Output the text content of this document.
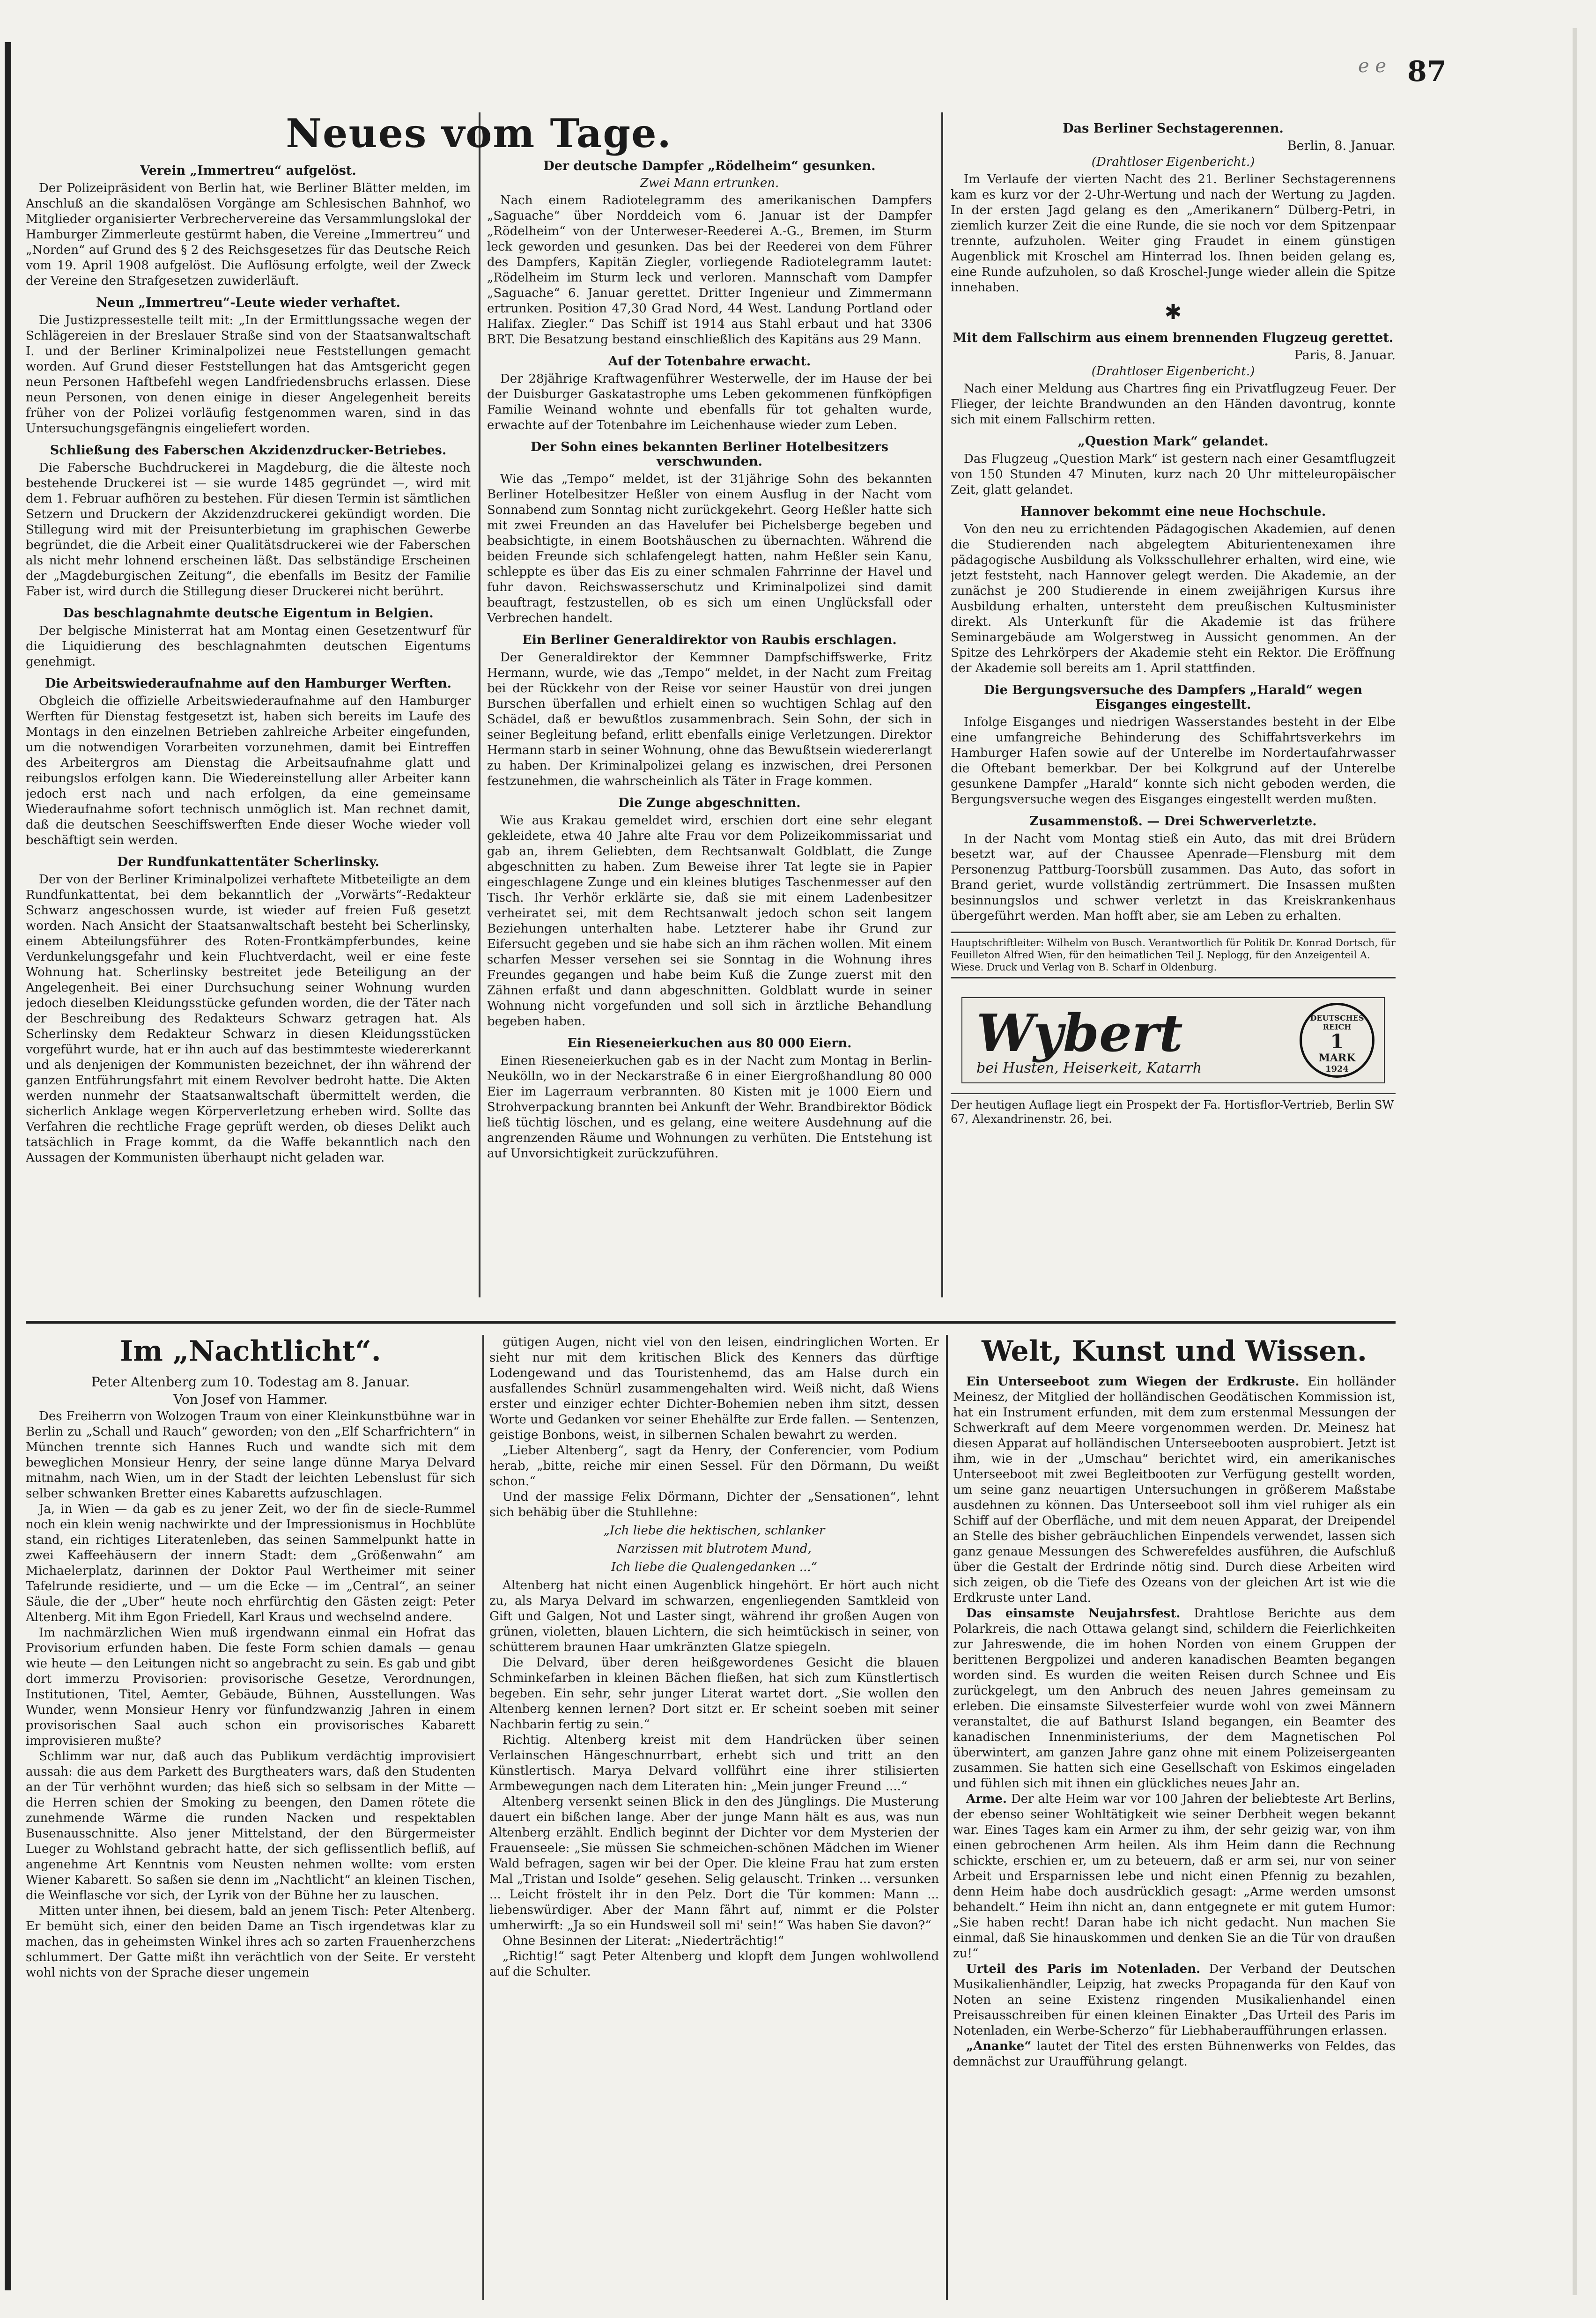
ℯ ℯ 87
Verein „Immertreu“ aufgelöst.

Der Polizeipräsident von Berlin hat, wie Berliner Blätter melden, im Anschluß an die skandalösen Vorgänge am Schlesischen Bahnhof, wo Mitglieder organisierter Verbrechervereine das Versammlungslokal der Hamburger Zimmerleute gestürmt haben, die Vereine „Immertreu“ und „Norden“ auf Grund des § 2 des Reichsgesetzes für das Deutsche Reich vom 19. April 1908 aufgelöst. Die Auflösung erfolgte, weil der Zweck der Vereine den Strafgesetzen zuwiderläuft.

Neun „Immertreu“-Leute wieder verhaftet.

Die Justizpressestelle teilt mit: „In der Ermittlungssache wegen der Schlägereien in der Breslauer Straße sind von der Staatsanwaltschaft I. und der Berliner Kriminalpolizei neue Feststellungen gemacht worden. Auf Grund dieser Feststellungen hat das Amtsgericht gegen neun Personen Haftbefehl wegen Landfriedensbruchs erlassen. Diese neun Personen, von denen einige in dieser Angelegenheit bereits früher von der Polizei vorläufig festgenommen waren, sind in das Untersuchungsgefängnis eingeliefert worden.

Schließung des Faberschen Akzidenzdrucker-Betriebes.

Die Fabersche Buchdruckerei in Magdeburg, die die älteste noch bestehende Druckerei ist — sie wurde 1485 gegründet —, wird mit dem 1. Februar aufhören zu bestehen. Für diesen Termin ist sämtlichen Setzern und Druckern der Akzidenzdruckerei gekündigt worden. Die Stillegung wird mit der Preisunterbietung im graphischen Gewerbe begründet, die die Arbeit einer Qualitätsdruckerei wie der Faberschen als nicht mehr lohnend erscheinen läßt. Das selbständige Erscheinen der „Magdeburgischen Zeitung“, die ebenfalls im Besitz der Familie Faber ist, wird durch die Stillegung dieser Druckerei nicht berührt.

Das beschlagnahmte deutsche Eigentum in Belgien.

Der belgische Ministerrat hat am Montag einen Gesetzentwurf für die Liquidierung des beschlagnahmten deutschen Eigentums genehmigt.

Die Arbeitswiederaufnahme auf den Hamburger Werften.

Obgleich die offizielle Arbeitswiederaufnahme auf den Hamburger Werften für Dienstag festgesetzt ist, haben sich bereits im Laufe des Montags in den einzelnen Betrieben zahlreiche Arbeiter eingefunden, um die notwendigen Vorarbeiten vorzunehmen, damit bei Eintreffen des Arbeitergros am Dienstag die Arbeitsaufnahme glatt und reibungslos erfolgen kann. Die Wiedereinstellung aller Arbeiter kann jedoch erst nach und nach erfolgen, da eine gemeinsame Wiederaufnahme sofort technisch unmöglich ist. Man rechnet damit, daß die deutschen Seeschiffswerften Ende dieser Woche wieder voll beschäftigt sein werden.

Der Rundfunkattentäter Scherlinsky.

Der von der Berliner Kriminalpolizei verhaftete Mitbeteiligte an dem Rundfunkattentat, bei dem bekanntlich der „Vorwärts“-Redakteur Schwarz angeschossen wurde, ist wieder auf freien Fuß gesetzt worden. Nach Ansicht der Staatsanwaltschaft besteht bei Scherlinsky, einem Abteilungsführer des Roten-Frontkämpferbundes, keine Verdunkelungsgefahr und kein Fluchtverdacht, weil er eine feste Wohnung hat. Scherlinsky bestreitet jede Beteiligung an der Angelegenheit. Bei einer Durchsuchung seiner Wohnung wurden jedoch dieselben Kleidungsstücke gefunden worden, die der Täter nach der Beschreibung des Redakteurs Schwarz getragen hat. Als Scherlinsky dem Redakteur Schwarz in diesen Kleidungsstücken vorgeführt wurde, hat er ihn auch auf das bestimmteste wiedererkannt und als denjenigen der Kommunisten bezeichnet, der ihn während der ganzen Entführungsfahrt mit einem Revolver bedroht hatte. Die Akten werden nunmehr der Staatsanwaltschaft übermittelt werden, die sicherlich Anklage wegen Körperverletzung erheben wird. Sollte das Verfahren die rechtliche Frage geprüft werden, ob dieses Delikt auch tatsächlich in Frage kommt, da die Waffe bekanntlich nach den Aussagen der Kommunisten überhaupt nicht geladen war.

Der deutsche Dampfer „Rödelheim“ gesunken.
Zwei Mann ertrunken.

Nach einem Radiotelegramm des amerikanischen Dampfers „Saguache“ über Norddeich vom 6. Januar ist der Dampfer „Rödelheim“ von der Unterweser-Reederei A.-G., Bremen, im Sturm leck geworden und gesunken. Das bei der Reederei von dem Führer des Dampfers, Kapitän Ziegler, vorliegende Radiotelegramm lautet: „Rödelheim im Sturm leck und verloren. Mannschaft vom Dampfer „Saguache“ 6. Januar gerettet. Dritter Ingenieur und Zimmermann ertrunken. Position 47,30 Grad Nord, 44 West. Landung Portland oder Halifax. Ziegler.“ Das Schiff ist 1914 aus Stahl erbaut und hat 3306 BRT. Die Besatzung bestand einschließlich des Kapitäns aus 29 Mann.

Auf der Totenbahre erwacht.

Der 28jährige Kraftwagenführer Westerwelle, der im Hause der bei der Duisburger Gaskatastrophe ums Leben gekommenen fünfköpfigen Familie Weinand wohnte und ebenfalls für tot gehalten wurde, erwachte auf der Totenbahre im Leichenhause wieder zum Leben.

Der Sohn eines bekannten Berliner Hotelbesitzers verschwunden.

Wie das „Tempo“ meldet, ist der 31jährige Sohn des bekannten Berliner Hotelbesitzer Heßler von einem Ausflug in der Nacht vom Sonnabend zum Sonntag nicht zurückgekehrt. Georg Heßler hatte sich mit zwei Freunden an das Havelufer bei Pichelsberge begeben und beabsichtigte, in einem Bootshäuschen zu übernachten. Während die beiden Freunde sich schlafengelegt hatten, nahm Heßler sein Kanu, schleppte es über das Eis zu einer schmalen Fahrrinne der Havel und fuhr davon. Reichswasserschutz und Kriminalpolizei sind damit beauftragt, festzustellen, ob es sich um einen Unglücksfall oder Verbrechen handelt.

Ein Berliner Generaldirektor von Raubis erschlagen.

Der Generaldirektor der Kemmner Dampfschiffswerke, Fritz Hermann, wurde, wie das „Tempo“ meldet, in der Nacht zum Freitag bei der Rückkehr von der Reise vor seiner Haustür von drei jungen Burschen überfallen und erhielt einen so wuchtigen Schlag auf den Schädel, daß er bewußtlos zusammenbrach. Sein Sohn, der sich in seiner Begleitung befand, erlitt ebenfalls einige Verletzungen. Direktor Hermann starb in seiner Wohnung, ohne das Bewußtsein wiedererlangt zu haben. Der Kriminalpolizei gelang es inzwischen, drei Personen festzunehmen, die wahrscheinlich als Täter in Frage kommen.

Die Zunge abgeschnitten.

Wie aus Krakau gemeldet wird, erschien dort eine sehr elegant gekleidete, etwa 40 Jahre alte Frau vor dem Polizeikommissariat und gab an, ihrem Geliebten, dem Rechtsanwalt Goldblatt, die Zunge abgeschnitten zu haben. Zum Beweise ihrer Tat legte sie in Papier eingeschlagene Zunge und ein kleines blutiges Taschenmesser auf den Tisch. Ihr Verhör erklärte sie, daß sie mit einem Ladenbesitzer verheiratet sei, mit dem Rechtsanwalt jedoch schon seit langem Beziehungen unterhalten habe. Letzterer habe ihr Grund zur Eifersucht gegeben und sie habe sich an ihm rächen wollen. Mit einem scharfen Messer versehen sei sie Sonntag in die Wohnung ihres Freundes gegangen und habe beim Kuß die Zunge zuerst mit den Zähnen erfaßt und dann abgeschnitten. Goldblatt wurde in seiner Wohnung nicht vorgefunden und soll sich in ärztliche Behandlung begeben haben.

Ein Rieseneierkuchen aus 80 000 Eiern.

Einen Rieseneierkuchen gab es in der Nacht zum Montag in Berlin-Neukölln, wo in der Neckarstraße 6 in einer Eiergroßhandlung 80 000 Eier im Lagerraum verbrannten. 80 Kisten mit je 1000 Eiern und Strohverpackung brannten bei Ankunft der Wehr. Brandbirektor Bödick ließ tüchtig löschen, und es gelang, eine weitere Ausdehnung auf die angrenzenden Räume und Wohnungen zu verhüten. Die Entstehung ist auf Unvorsichtigkeit zurückzuführen.

Das Berliner Sechstagerennen.
Berlin, 8. Januar.
(Drahtloser Eigenbericht.)

Im Verlaufe der vierten Nacht des 21. Berliner Sechstagerennens kam es kurz vor der 2-Uhr-Wertung und nach der Wertung zu Jagden. In der ersten Jagd gelang es den „Amerikanern“ Dülberg-Petri, in ziemlich kurzer Zeit die eine Runde, die sie noch vor dem Spitzenpaar trennte, aufzuholen. Weiter ging Fraudet in einem günstigen Augenblick mit Kroschel am Hinterrad los. Ihnen beiden gelang es, eine Runde aufzuholen, so daß Kroschel-Junge wieder allein die Spitze innehaben.

✱
Mit dem Fallschirm aus einem brennenden Flugzeug gerettet.
Paris, 8. Januar.
(Drahtloser Eigenbericht.)

Nach einer Meldung aus Chartres fing ein Privatflugzeug Feuer. Der Flieger, der leichte Brandwunden an den Händen davontrug, konnte sich mit einem Fallschirm retten.

„Question Mark“ gelandet.

Das Flugzeug „Question Mark“ ist gestern nach einer Gesamtflugzeit von 150 Stunden 47 Minuten, kurz nach 20 Uhr mitteleuropäischer Zeit, glatt gelandet.

Hannover bekommt eine neue Hochschule.

Von den neu zu errichtenden Pädagogischen Akademien, auf denen die Studierenden nach abgelegtem Abiturientenexamen ihre pädagogische Ausbildung als Volksschullehrer erhalten, wird eine, wie jetzt feststeht, nach Hannover gelegt werden. Die Akademie, an der zunächst je 200 Studierende in einem zweijährigen Kursus ihre Ausbildung erhalten, untersteht dem preußischen Kultusminister direkt. Als Unterkunft für die Akademie ist das frühere Seminargebäude am Wolgerstweg in Aussicht genommen. An der Spitze des Lehrkörpers der Akademie steht ein Rektor. Die Eröffnung der Akademie soll bereits am 1. April stattfinden.

Die Bergungsversuche des Dampfers „Harald“ wegen Eisganges eingestellt.

Infolge Eisganges und niedrigen Wasserstandes besteht in der Elbe eine umfangreiche Behinderung des Schiffahrtsverkehrs im Hamburger Hafen sowie auf der Unterelbe im Nordertaufahrwasser die Oftebant bemerkbar. Der bei Kolkgrund auf der Unterelbe gesunkene Dampfer „Harald“ konnte sich nicht geboden werden, die Bergungsversuche wegen des Eisganges eingestellt werden mußten.

Zusammenstoß. — Drei Schwerverletzte.

In der Nacht vom Montag stieß ein Auto, das mit drei Brüdern besetzt war, auf der Chaussee Apenrade—Flensburg mit dem Personenzug Pattburg-Toorsbüll zusammen. Das Auto, das sofort in Brand geriet, wurde vollständig zertrümmert. Die Insassen mußten besinnungslos und schwer verletzt in das Kreiskrankenhaus übergeführt werden. Man hofft aber, sie am Leben zu erhalten.

Hauptschriftleiter: Wilhelm von Busch. Verantwortlich für Politik Dr. Konrad Dortsch, für Feuilleton Alfred Wien, für den heimatlichen Teil J. Neplogg, für den Anzeigenteil A. Wiese. Druck und Verlag von B. Scharf in Oldenburg.
Wybert
bei Husten, Heiserkeit, Katarrh
DEUTSCHES REICH
1
MARK
1924
Der heutigen Auflage liegt ein Prospekt der Fa. Hortisflor-Vertrieb, Berlin SW 67, Alexandrinenstr. 26, bei.
Neues vom Tage.
Im „Nachtlicht“.
Peter Altenberg zum 10. Todestag am 8. Januar.
Von Josef von Hammer.

Des Freiherrn von Wolzogen Traum von einer Kleinkunstbühne war in Berlin zu „Schall und Rauch“ geworden; von den „Elf Scharfrichtern“ in München trennte sich Hannes Ruch und wandte sich mit dem beweglichen Monsieur Henry, der seine lange dünne Marya Delvard mitnahm, nach Wien, um in der Stadt der leichten Lebenslust für sich selber schwanken Bretter eines Kabaretts aufzuschlagen.

Ja, in Wien — da gab es zu jener Zeit, wo der fin de siecle-Rummel noch ein klein wenig nachwirkte und der Impressionismus in Hochblüte stand, ein richtiges Literatenleben, das seinen Sammelpunkt hatte in zwei Kaffeehäusern der innern Stadt: dem „Größenwahn“ am Michaelerplatz, darinnen der Doktor Paul Wertheimer mit seiner Tafelrunde residierte, und — um die Ecke — im „Central“, an seiner Säule, die der „Uber“ heute noch ehrfürchtig den Gästen zeigt: Peter Altenberg. Mit ihm Egon Friedell, Karl Kraus und wechselnd andere.

Im nachmärzlichen Wien muß irgendwann einmal ein Hofrat das Provisorium erfunden haben. Die feste Form schien damals — genau wie heute — den Leitungen nicht so angebracht zu sein. Es gab und gibt dort immerzu Provisorien: provisorische Gesetze, Verordnungen, Institutionen, Titel, Aemter, Gebäude, Bühnen, Ausstellungen. Was Wunder, wenn Monsieur Henry vor fünfundzwanzig Jahren in einem provisorischen Saal auch schon ein provisorisches Kabarett improvisieren mußte?

Schlimm war nur, daß auch das Publikum verdächtig improvisiert aussah: die aus dem Parkett des Burgtheaters wars, daß den Studenten an der Tür verhöhnt wurden; das hieß sich so selbsam in der Mitte — die Herren schien der Smoking zu beengen, den Damen rötete die zunehmende Wärme die runden Nacken und respektablen Busenausschnitte. Also jener Mittelstand, der den Bürgermeister Lueger zu Wohlstand gebracht hatte, der sich geflissentlich befliß, auf angenehme Art Kenntnis vom Neusten nehmen wollte: vom ersten Wiener Kabarett. So saßen sie denn im „Nachtlicht“ an kleinen Tischen, die Weinflasche vor sich, der Lyrik von der Bühne her zu lauschen.

Mitten unter ihnen, bei diesem, bald an jenem Tisch: Peter Altenberg. Er bemüht sich, einer den beiden Dame an Tisch irgendetwas klar zu machen, das in geheimsten Winkel ihres ach so zarten Frauenherzchens schlummert. Der Gatte mißt ihn verächtlich von der Seite. Er versteht wohl nichts von der Sprache dieser ungemein

gütigen Augen, nicht viel von den leisen, eindringlichen Worten. Er sieht nur mit dem kritischen Blick des Kenners das dürftige Lodengewand und das Touristenhemd, das am Halse durch ein ausfallendes Schnürl zusammengehalten wird. Weiß nicht, daß Wiens erster und einziger echter Dichter-Bohemien neben ihm sitzt, dessen Worte und Gedanken vor seiner Ehehälfte zur Erde fallen. — Sentenzen, geistige Bonbons, weist, in silbernen Schalen bewahrt zu werden.

„Lieber Altenberg“, sagt da Henry, der Conferencier, vom Podium herab, „bitte, reiche mir einen Sessel. Für den Dörmann, Du weißt schon.“

Und der massige Felix Dörmann, Dichter der „Sensationen“, lehnt sich behäbig über die Stuhllehne:

„Ich liebe die hektischen, schlanker
Narzissen mit blutrotem Mund,
Ich liebe die Qualengedanken ...“

Altenberg hat nicht einen Augenblick hingehört. Er hört auch nicht zu, als Marya Delvard im schwarzen, engenliegenden Samtkleid von Gift und Galgen, Not und Laster singt, während ihr großen Augen von grünen, violetten, blauen Lichtern, die sich heimtückisch in seiner, von schütterem braunen Haar umkränzten Glatze spiegeln.

Die Delvard, über deren heißgewordenes Gesicht die blauen Schminkefarben in kleinen Bächen fließen, hat sich zum Künstlertisch begeben. Ein sehr, sehr junger Literat wartet dort. „Sie wollen den Altenberg kennen lernen? Dort sitzt er. Er scheint soeben mit seiner Nachbarin fertig zu sein.“

Richtig. Altenberg kreist mit dem Handrücken über seinen Verlainschen Hängeschnurrbart, erhebt sich und tritt an den Künstlertisch. Marya Delvard vollführt eine ihrer stilisierten Armbewegungen nach dem Literaten hin: „Mein junger Freund ....“

Altenberg versenkt seinen Blick in den des Jünglings. Die Musterung dauert ein bißchen lange. Aber der junge Mann hält es aus, was nun Altenberg erzählt. Endlich beginnt der Dichter vor dem Mysterien der Frauenseele: „Sie müssen Sie schmeichen-schönen Mädchen im Wiener Wald befragen, sagen wir bei der Oper. Die kleine Frau hat zum ersten Mal „Tristan und Isolde“ gesehen. Selig gelauscht. Trinken ... versunken ... Leicht fröstelt ihr in den Pelz. Dort die Tür kommen: Mann ... liebenswürdiger. Aber der Mann fährt auf, nimmt er die Polster umherwirft: „Ja so ein Hundsweil soll mi' sein!“ Was haben Sie davon?“

Ohne Besinnen der Literat: „Niederträchtig!“

„Richtig!“ sagt Peter Altenberg und klopft dem Jungen wohlwollend auf die Schulter.

Welt, Kunst und Wissen.

Ein Unterseeboot zum Wiegen der Erdkruste. Ein holländer Meinesz, der Mitglied der holländischen Geodätischen Kommission ist, hat ein Instrument erfunden, mit dem zum erstenmal Messungen der Schwerkraft auf dem Meere vorgenommen werden. Dr. Meinesz hat diesen Apparat auf holländischen Unterseebooten ausprobiert. Jetzt ist ihm, wie in der „Umschau“ berichtet wird, ein amerikanisches Unterseeboot mit zwei Begleitbooten zur Verfügung gestellt worden, um seine ganz neuartigen Untersuchungen in größerem Maßstabe ausdehnen zu können. Das Unterseeboot soll ihm viel ruhiger als ein Schiff auf der Oberfläche, und mit dem neuen Apparat, der Dreipendel an Stelle des bisher gebräuchlichen Einpendels verwendet, lassen sich ganz genaue Messungen des Schwerefeldes ausführen, die Aufschluß über die Gestalt der Erdrinde nötig sind. Durch diese Arbeiten wird sich zeigen, ob die Tiefe des Ozeans von der gleichen Art ist wie die Erdkruste unter Land.

Das einsamste Neujahrsfest. Drahtlose Berichte aus dem Polarkreis, die nach Ottawa gelangt sind, schildern die Feierlichkeiten zur Jahreswende, die im hohen Norden von einem Gruppen der berittenen Bergpolizei und anderen kanadischen Beamten begangen worden sind. Es wurden die weiten Reisen durch Schnee und Eis zurückgelegt, um den Anbruch des neuen Jahres gemeinsam zu erleben. Die einsamste Silvesterfeier wurde wohl von zwei Männern veranstaltet, die auf Bathurst Island begangen, ein Beamter des kanadischen Innenministeriums, der dem Magnetischen Pol überwintert, am ganzen Jahre ganz ohne mit einem Polizeisergeanten zusammen. Sie hatten sich eine Gesellschaft von Eskimos eingeladen und fühlen sich mit ihnen ein glückliches neues Jahr an.

Arme. Der alte Heim war vor 100 Jahren der beliebteste Art Berlins, der ebenso seiner Wohltätigkeit wie seiner Derbheit wegen bekannt war. Eines Tages kam ein Armer zu ihm, der sehr geizig war, von ihm einen gebrochenen Arm heilen. Als ihm Heim dann die Rechnung schickte, erschien er, um zu beteuern, daß er arm sei, nur von seiner Arbeit und Ersparnissen lebe und nicht einen Pfennig zu bezahlen, denn Heim habe doch ausdrücklich gesagt: „Arme werden umsonst behandelt.“ Heim ihn nicht an, dann entgegnete er mit gutem Humor: „Sie haben recht! Daran habe ich nicht gedacht. Nun machen Sie einmal, daß Sie hinauskommen und denken Sie an die Tür von draußen zu!“

Urteil des Paris im Notenladen. Der Verband der Deutschen Musikalienhändler, Leipzig, hat zwecks Propaganda für den Kauf von Noten an seine Existenz ringenden Musikalienhandel einen Preisausschreiben für einen kleinen Einakter „Das Urteil des Paris im Notenladen, ein Werbe-Scherzo“ für Liebhaberaufführungen erlassen.

„Ananke“ lautet der Titel des ersten Bühnenwerks von Feldes, das demnächst zur Uraufführung gelangt.
